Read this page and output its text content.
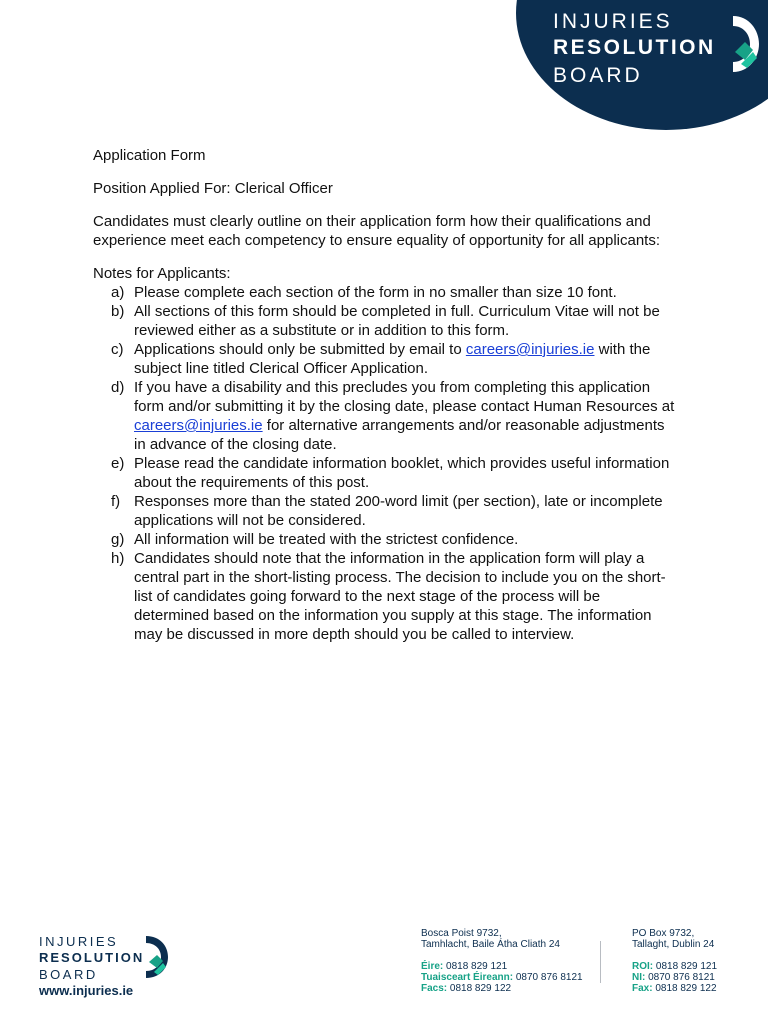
INJURIES
RESOLUTION
BOARD

Application Form

Position Applied For: Clerical Officer

Candidates must clearly outline on their application form how their qualifications and experience meet each competency to ensure equality of opportunity for all applicants:

Notes for Applicants:

a) Please complete each section of the form in no smaller than size 10 font.
b) All sections of this form should be completed in full. Curriculum Vitae will not be reviewed either as a substitute or in addition to this form.
c) Applications should only be submitted by email to careers@injuries.ie with the subject line titled Clerical Officer Application.
d) If you have a disability and this precludes you from completing this application form and/or submitting it by the closing date, please contact Human Resources at careers@injuries.ie for alternative arrangements and/or reasonable adjustments in advance of the closing date.
e) Please read the candidate information booklet, which provides useful information about the requirements of this post.
f) Responses more than the stated 200-word limit (per section), late or incomplete applications will not be considered.
g) All information will be treated with the strictest confidence.
h) Candidates should note that the information in the application form will play a central part in the short-listing process. The decision to include you on the short-list of candidates going forward to the next stage of the process will be determined based on the information you supply at this stage. The information may be discussed in more depth should you be called to interview.
INJURIES
RESOLUTION
BOARD
www.injuries.ie
Bosca Poist 9732,
Tamhlacht, Baile Átha Cliath 24
Éire: 0818 829 121
Tuaisceart Éireann: 0870 876 8121
Facs: 0818 829 122
PO Box 9732,
Tallaght, Dublin 24
ROI: 0818 829 121
NI: 0870 876 8121
Fax: 0818 829 122
